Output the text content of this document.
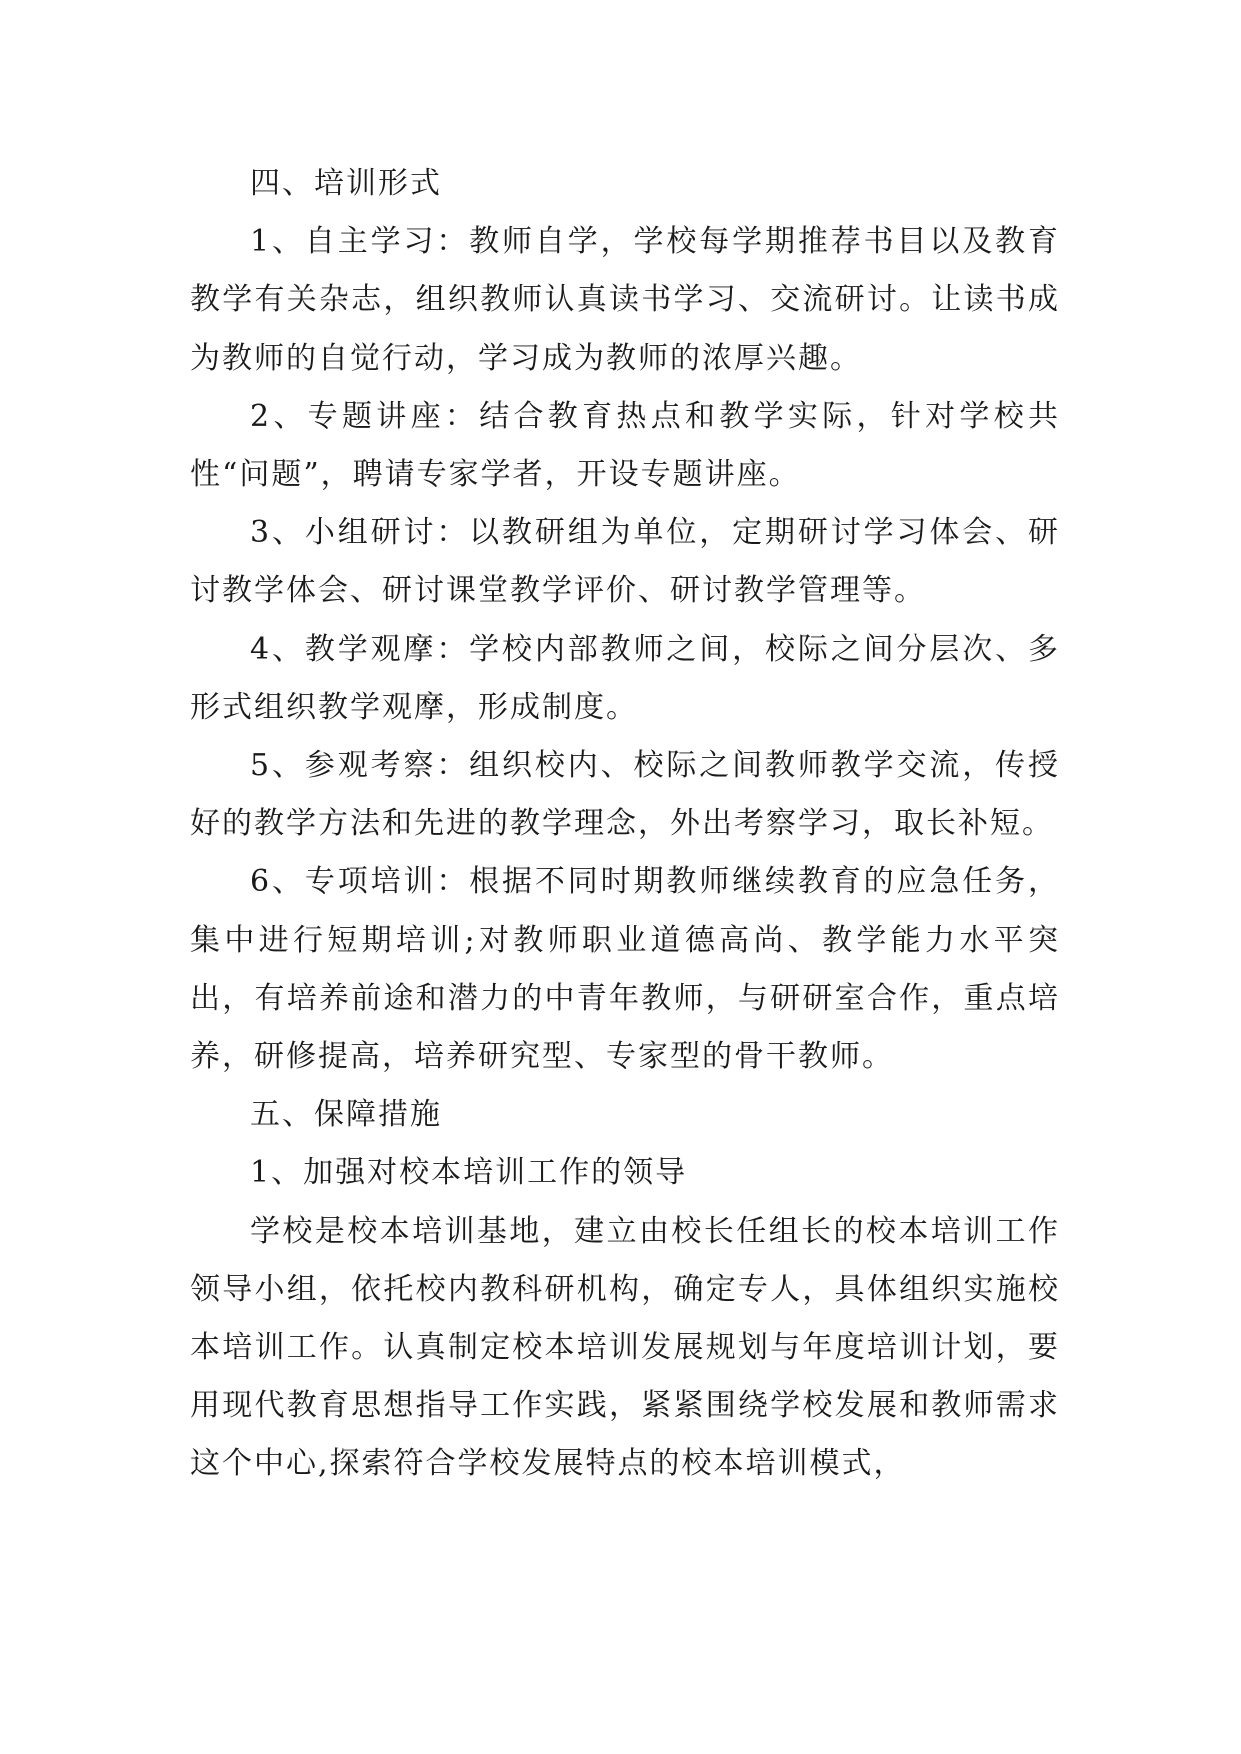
四、培训形式

1、自主学习：教师自学，学校每学期推荐书目以及教育教学有关杂志，组织教师认真读书学习、交流研讨。让读书成为教师的自觉行动，学习成为教师的浓厚兴趣。

2、专题讲座：结合教育热点和教学实际，针对学校共性“问题”，聘请专家学者，开设专题讲座。

3、小组研讨：以教研组为单位，定期研讨学习体会、研讨教学体会、研讨课堂教学评价、研讨教学管理等。

4、教学观摩：学校内部教师之间，校际之间分层次、多形式组织教学观摩，形成制度。

5、参观考察：组织校内、校际之间教师教学交流，传授好的教学方法和先进的教学理念，外出考察学习，取长补短。

6、专项培训：根据不同时期教师继续教育的应急任务，集中进行短期培训;对教师职业道德高尚、教学能力水平突出，有培养前途和潜力的中青年教师，与研研室合作，重点培养，研修提高，培养研究型、专家型的骨干教师。

五、保障措施

1、加强对校本培训工作的领导

学校是校本培训基地，建立由校长任组长的校本培训工作领导小组，依托校内教科研机构，确定专人，具体组织实施校本培训工作。认真制定校本培训发展规划与年度培训计划，要用现代教育思想指导工作实践，紧紧围绕学校发展和教师需求这个中心,探索符合学校发展特点的校本培训模式，
